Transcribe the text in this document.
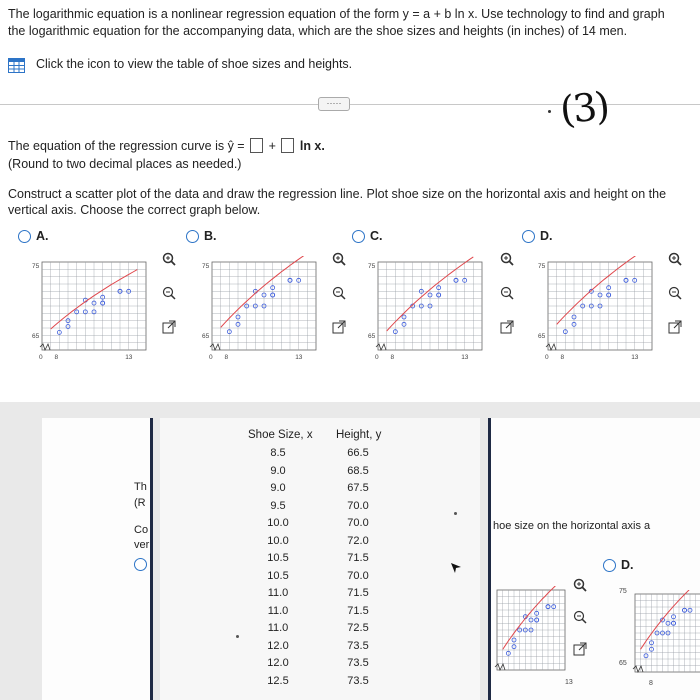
The logarithmic equation is a nonlinear regression equation of the form y = a + b ln x. Use technology to find and graph
the logarithmic equation for the accompanying data, which are the shoe sizes and heights (in inches) of 14 men.
Click the icon to view the table of shoe sizes and heights.
·····	(3)
The equation of the regression curve is ŷ = + ln x.
(Round to two decimal places as needed.)
Construct a scatter plot of the data and draw the regression line. Plot shoe size on the horizontal axis and height on the
vertical axis. Choose the correct graph below.
A.	B.	C.	D.
75
65
0 8	13
75
65
0 8	13
75
65
0 8	13
75
65
0 8	13
Th
(R
Co
ver
hoe size on the horizontal axis a
D.
13
75
65
8
Shoe Size, x Height, y
8.5	66.5
9.0	68.5
9.0	67.5
9.5	70.0
10.0	70.0
10.0	72.0
10.5	71.5
10.5	70.0
11.0	71.5
11.0	71.5
11.0	72.5
12.0	73.5
12.0	73.5
12.5	73.5
